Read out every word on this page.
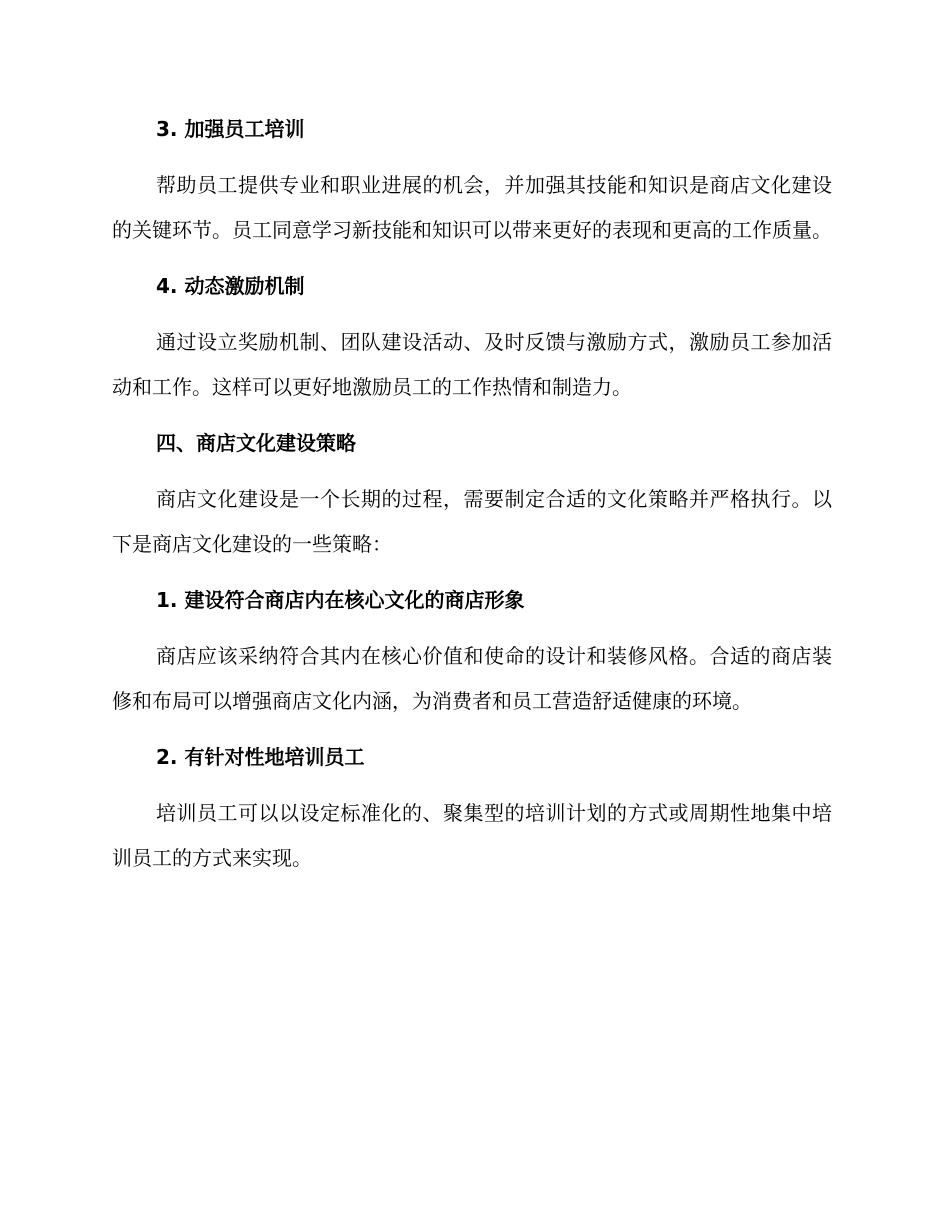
3. 加强员工培训
帮助员工提供专业和职业进展的机会，并加强其技能和知识是商店文化建设的关键环节。员工同意学习新技能和知识可以带来更好的表现和更高的工作质量。
4. 动态激励机制
通过设立奖励机制、团队建设活动、及时反馈与激励方式，激励员工参加活动和工作。这样可以更好地激励员工的工作热情和制造力。
四、商店文化建设策略
商店文化建设是一个长期的过程，需要制定合适的文化策略并严格执行。以下是商店文化建设的一些策略：
1. 建设符合商店内在核心文化的商店形象
商店应该采纳符合其内在核心价值和使命的设计和装修风格。合适的商店装修和布局可以增强商店文化内涵，为消费者和员工营造舒适健康的环境。
2. 有针对性地培训员工
培训员工可以以设定标准化的、聚集型的培训计划的方式或周期性地集中培训员工的方式来实现。
